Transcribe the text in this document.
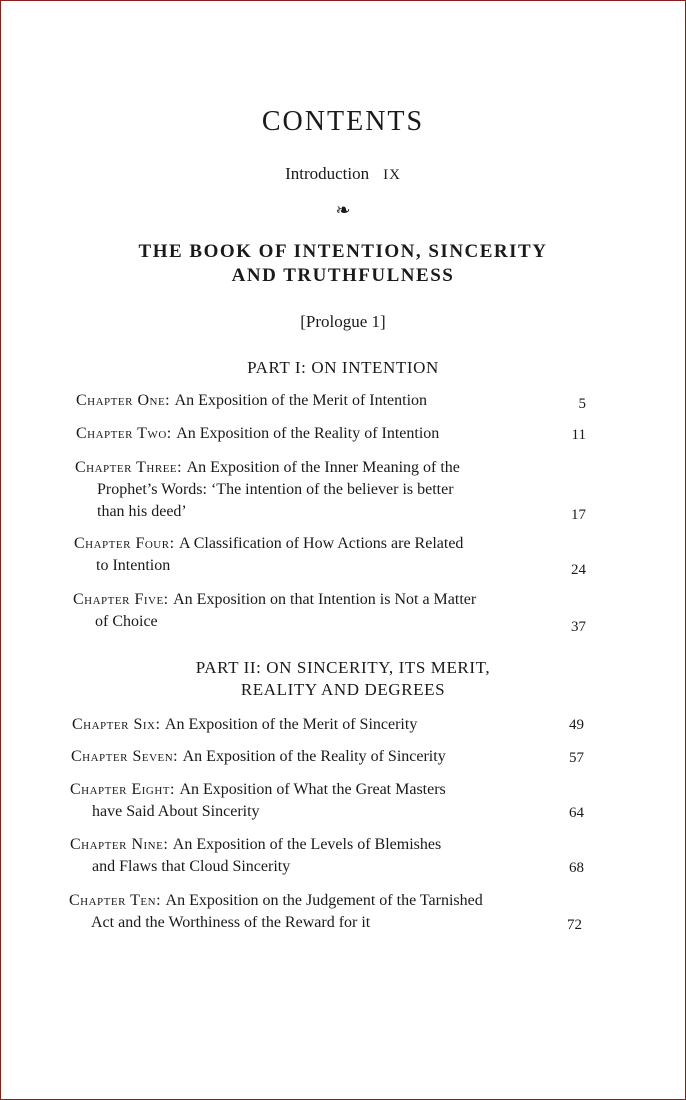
CONTENTS
Introduction IX
❧
THE BOOK OF INTENTION, SINCERITY
AND TRUTHFULNESS
[Prologue 1]
PART I: ON INTENTION
PART II: ON SINCERITY, ITS MERIT,
REALITY AND DEGREES
Chapter One: An Exposition of the Merit of Intention	5
Chapter Two: An Exposition of the Reality of Intention	11
Chapter Three: An Exposition of the Inner Meaning of the
Prophet’s Words: ‘The intention of the believer is better
than his deed’	17
Chapter Four: A Classification of How Actions are Related
to Intention	24
Chapter Five: An Exposition on that Intention is Not a Matter
of Choice	37
Chapter Six: An Exposition of the Merit of Sincerity	49
Chapter Seven: An Exposition of the Reality of Sincerity	57
Chapter Eight: An Exposition of What the Great Masters
have Said About Sincerity	64
Chapter Nine: An Exposition of the Levels of Blemishes
and Flaws that Cloud Sincerity	68
Chapter Ten: An Exposition on the Judgement of the Tarnished
Act and the Worthiness of the Reward for it	72
